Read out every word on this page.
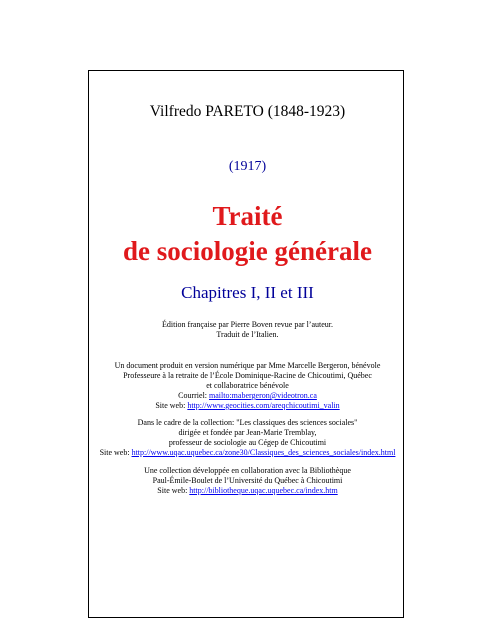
Vilfredo PARETO (1848-1923)
(1917)
Traité
de sociologie générale
Chapitres I, II et III
Édition française par Pierre Boven revue par l’auteur.
Traduit de l’Italien.
Un document produit en version numérique par Mme Marcelle Bergeron, bénévole
Professeure à la retraite de l’École Dominique-Racine de Chicoutimi, Québec
et collaboratrice bénévole
Courriel: mailto:mabergeron@videotron.ca
Site web: http://www.geocities.com/areqchicoutimi_valin
Dans le cadre de la collection: "Les classiques des sciences sociales"
dirigée et fondée par Jean-Marie Tremblay,
professeur de sociologie au Cégep de Chicoutimi
Site web: http://www.uqac.uquebec.ca/zone30/Classiques_des_sciences_sociales/index.html
Une collection développée en collaboration avec la Bibliothèque
Paul-Émile-Boulet de l’Université du Québec à Chicoutimi
Site web: http://bibliotheque.uqac.uquebec.ca/index.htm
